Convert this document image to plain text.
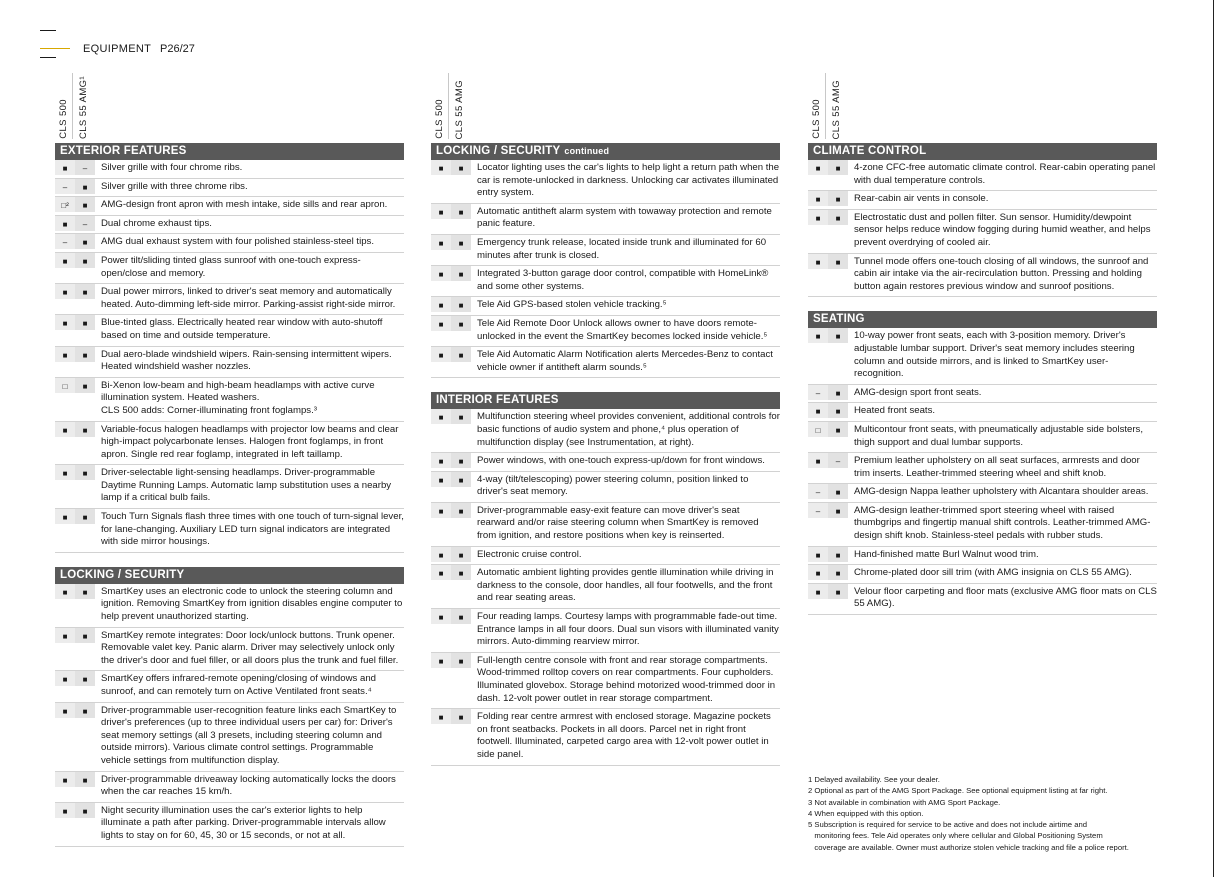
EQUIPMENT P26/27
CLS 500 CLS 55 AMG¹
EXTERIOR FEATURES
■	–	Silver grille with four chrome ribs.
–	■	Silver grille with three chrome ribs.
□²	■	AMG-design front apron with mesh intake, side sills and rear apron.
■	–	Dual chrome exhaust tips.
–	■	AMG dual exhaust system with four polished stainless-steel tips.
■	■	Power tilt/sliding tinted glass sunroof with one-touch express-open/close and memory.
■	■	Dual power mirrors, linked to driver's seat memory and automatically heated. Auto-dimming left-side mirror. Parking-assist right-side mirror.
■	■	Blue-tinted glass. Electrically heated rear window with auto-shutoff based on time and outside temperature.
■	■	Dual aero-blade windshield wipers. Rain-sensing intermittent wipers. Heated windshield washer nozzles.
□	■	Bi-Xenon low-beam and high-beam headlamps with active curve illumination system. Heated washers.
CLS 500 adds: Corner-illuminating front foglamps.³
■	■	Variable-focus halogen headlamps with projector low beams and clear high-impact polycarbonate lenses. Halogen front foglamps, in front apron. Single red rear foglamp, integrated in left taillamp.
■	■	Driver-selectable light-sensing headlamps. Driver-programmable Daytime Running Lamps. Automatic lamp substitution uses a nearby lamp if a critical bulb fails.
■	■	Touch Turn Signals flash three times with one touch of turn-signal lever, for lane-changing. Auxiliary LED turn signal indicators are integrated with side mirror housings.
LOCKING / SECURITY
■	■	SmartKey uses an electronic code to unlock the steering column and ignition. Removing SmartKey from ignition disables engine computer to help prevent unauthorized starting.
■	■	SmartKey remote integrates: Door lock/unlock buttons. Trunk opener. Removable valet key. Panic alarm. Driver may selectively unlock only the driver's door and fuel filler, or all doors plus the trunk and fuel filler.
■	■	SmartKey offers infrared-remote opening/closing of windows and sunroof, and can remotely turn on Active Ventilated front seats.⁴
■	■	Driver-programmable user-recognition feature links each SmartKey to driver's preferences (up to three individual users per car) for: Driver's seat memory settings (all 3 presets, including steering column and outside mirrors). Various climate control settings. Programmable vehicle settings from multifunction display.
■	■	Driver-programmable driveaway locking automatically locks the doors when the car reaches 15 km/h.
■	■	Night security illumination uses the car's exterior lights to help illuminate a path after parking. Driver-programmable intervals allow lights to stay on for 60, 45, 30 or 15 seconds, or not at all.
CLS 500 CLS 55 AMG
LOCKING / SECURITY continued
■	■	Locator lighting uses the car's lights to help light a return path when the car is remote-unlocked in darkness. Unlocking car activates illuminated entry system.
■	■	Automatic antitheft alarm system with towaway protection and remote panic feature.
■	■	Emergency trunk release, located inside trunk and illuminated for 60 minutes after trunk is closed.
■	■	Integrated 3-button garage door control, compatible with HomeLink® and some other systems.
■	■	Tele Aid GPS-based stolen vehicle tracking.⁵
■	■	Tele Aid Remote Door Unlock allows owner to have doors remote-unlocked in the event the SmartKey becomes locked inside vehicle.⁵
■	■	Tele Aid Automatic Alarm Notification alerts Mercedes-Benz to contact vehicle owner if antitheft alarm sounds.⁵
INTERIOR FEATURES
■	■	Multifunction steering wheel provides convenient, additional controls for basic functions of audio system and phone,⁴ plus operation of multifunction display (see Instrumentation, at right).
■	■	Power windows, with one-touch express-up/down for front windows.
■	■	4-way (tilt/telescoping) power steering column, position linked to driver's seat memory.
■	■	Driver-programmable easy-exit feature can move driver's seat rearward and/or raise steering column when SmartKey is removed from ignition, and restore positions when key is reinserted.
■	■	Electronic cruise control.
■	■	Automatic ambient lighting provides gentle illumination while driving in darkness to the console, door handles, all four footwells, and the front and rear seating areas.
■	■	Four reading lamps. Courtesy lamps with programmable fade-out time. Entrance lamps in all four doors. Dual sun visors with illuminated vanity mirrors. Auto-dimming rearview mirror.
■	■	Full-length centre console with front and rear storage compartments. Wood-trimmed rolltop covers on rear compartments. Four cupholders. Illuminated glovebox. Storage behind motorized wood-trimmed door in dash. 12-volt power outlet in rear storage compartment.
■	■	Folding rear centre armrest with enclosed storage. Magazine pockets on front seatbacks. Pockets in all doors. Parcel net in right front footwell. Illuminated, carpeted cargo area with 12-volt power outlet in side panel.
CLS 500 CLS 55 AMG
CLIMATE CONTROL
■	■	4-zone CFC-free automatic climate control. Rear-cabin operating panel with dual temperature controls.
■	■	Rear-cabin air vents in console.
■	■	Electrostatic dust and pollen filter. Sun sensor. Humidity/dewpoint sensor helps reduce window fogging during humid weather, and helps prevent overdrying of cooled air.
■	■	Tunnel mode offers one-touch closing of all windows, the sunroof and cabin air intake via the air-recirculation button. Pressing and holding button again restores previous window and sunroof positions.
SEATING
■	■	10-way power front seats, each with 3-position memory. Driver's adjustable lumbar support. Driver's seat memory includes steering column and outside mirrors, and is linked to SmartKey user-recognition.
–	■	AMG-design sport front seats.
■	■	Heated front seats.
□	■	Multicontour front seats, with pneumatically adjustable side bolsters, thigh support and dual lumbar supports.
■	–	Premium leather upholstery on all seat surfaces, armrests and door trim inserts. Leather-trimmed steering wheel and shift knob.
–	■	AMG-design Nappa leather upholstery with Alcantara shoulder areas.
–	■	AMG-design leather-trimmed sport steering wheel with raised thumbgrips and fingertip manual shift controls. Leather-trimmed AMG-design shift knob. Stainless-steel pedals with rubber studs.
■	■	Hand-finished matte Burl Walnut wood trim.
■	■	Chrome-plated door sill trim (with AMG insignia on CLS 55 AMG).
■	■	Velour floor carpeting and floor mats (exclusive AMG floor mats on CLS 55 AMG).
1 Delayed availability. See your dealer.
2 Optional as part of the AMG Sport Package. See optional equipment listing at far right.
3 Not available in combination with AMG Sport Package.
4 When equipped with this option.
5 Subscription is required for service to be active and does not include airtime and
monitoring fees. Tele Aid operates only where cellular and Global Positioning System
coverage are available. Owner must authorize stolen vehicle tracking and file a police report.
